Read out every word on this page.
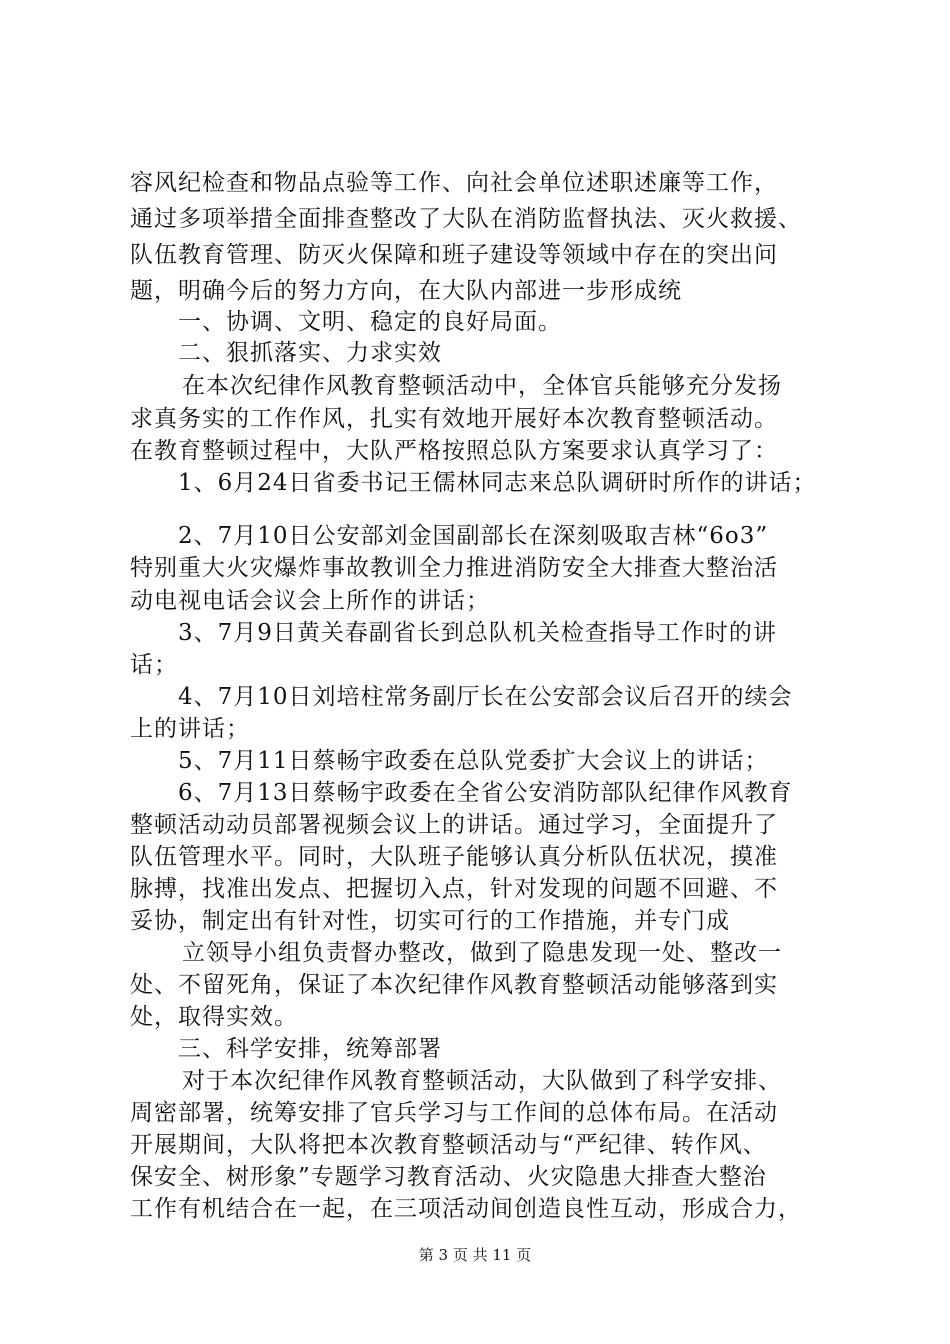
容风纪检查和物品点验等工作、向社会单位述职述廉等工作，
通过多项举措全面排查整改了大队在消防监督执法、灭火救援、
队伍教育管理、防灭火保障和班子建设等领域中存在的突出问
题，明确今后的努力方向，在大队内部进一步形成统
一、协调、文明、稳定的良好局面。
二、狠抓落实、力求实效
在本次纪律作风教育整顿活动中，全体官兵能够充分发扬
求真务实的工作作风，扎实有效地开展好本次教育整顿活动。
在教育整顿过程中，大队严格按照总队方案要求认真学习了：
1、6月24日省委书记王儒林同志来总队调研时所作的讲话；
2、7月10日公安部刘金国副部长在深刻吸取吉林“6o3”
特别重大火灾爆炸事故教训全力推进消防安全大排查大整治活
动电视电话会议会上所作的讲话；
3、7月9日黄关春副省长到总队机关检查指导工作时的讲
话；
4、7月10日刘培柱常务副厅长在公安部会议后召开的续会
上的讲话；
5、7月11日蔡畅宇政委在总队党委扩大会议上的讲话；
6、7月13日蔡畅宇政委在全省公安消防部队纪律作风教育
整顿活动动员部署视频会议上的讲话。通过学习，全面提升了
队伍管理水平。同时，大队班子能够认真分析队伍状况，摸准
脉搏，找准出发点、把握切入点，针对发现的问题不回避、不
妥协，制定出有针对性，切实可行的工作措施，并专门成
立领导小组负责督办整改，做到了隐患发现一处、整改一
处、不留死角，保证了本次纪律作风教育整顿活动能够落到实
处，取得实效。
三、科学安排，统筹部署
对于本次纪律作风教育整顿活动，大队做到了科学安排、
周密部署，统筹安排了官兵学习与工作间的总体布局。在活动
开展期间，大队将把本次教育整顿活动与“严纪律、转作风、
保安全、树形象”专题学习教育活动、火灾隐患大排查大整治
工作有机结合在一起，在三项活动间创造良性互动，形成合力，
第 3 页 共 11 页
